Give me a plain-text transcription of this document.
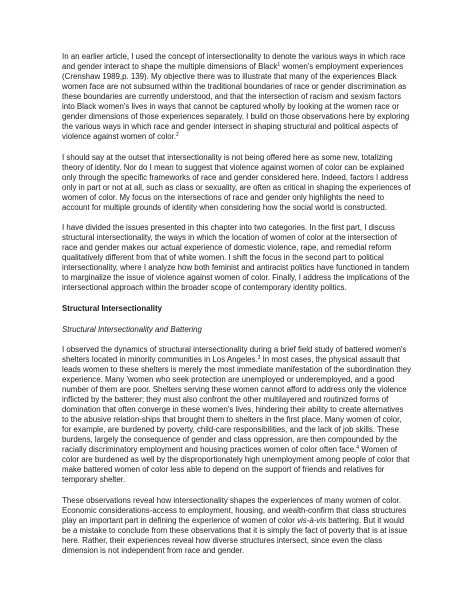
In an earlier article, I used the concept of intersectionality to denote the various ways in which race and gender interact to shape the multiple dimensions of Black$^1$ women's employment experiences (Crenshaw 1989,p. 139). My objective there was to illustrate that many of the experiences Black women face are not subsumed within the traditional boundaries of race or gender discrimination as these boundaries are currently understood, and that the intersection of racism and sexism factors into Black women's lives in ways that cannot be captured wholly by looking at the women race or gender dimensions of those experiences separately. I build on those observations here by exploring the various ways in which race and gender intersect in shaping structural and political aspects of violence against women of color.$^2$

I should say at the outset that intersectionality is not being offered here as some new, totalizing theory of identity. Nor do I mean to suggest that violence against women of color can be explained only through the specific frameworks of race and gender considered here. Indeed, factors I address only in part or not at all, such as class or sexuality, are often as critical in shaping the experiences of women of color. My focus on the intersections of race and gender only highlights the need to account for multiple grounds of identity when considering how the social world is constructed.

I have divided the issues presented in this chapter into two categories. In the first part, I discuss structural intersectionality, the ways in which the location of women of color at the intersection of race and gender makes our actual experience of domestic violence, rape, and remedial reform qualitatively different from that of white women. I shift the focus in the second part to political intersectionality, where I analyze how both feminist and antiracist politics have functioned in tandem to marginalize the issue of violence against women of color. Finally, I address the implications of the intersectional approach within the broader scope of contemporary identity politics.

Structural Intersectionality

Structural Intersectionality and Battering

I observed the dynamics of structural intersectionality during a brief field study of battered women's shelters located in minority communities in Los Angeles.$^3$ In most cases, the physical assault that leads women to these shelters is merely the most immediate manifestation of the subordination they experience. Many 'women who seek protection are unemployed or underemployed, and a good number of them are poor. Shelters serving these women cannot afford to address only the violence inflicted by the batterer; they must also confront the other multilayered and routinized forms of domination that often converge in these women's lives, hindering their ability to create alternatives to the abusive relation-ships that brought them to shelters in the first place. Many women of color, for example, are burdened by poverty, child-care responsibilities, and the lack of job skills. These burdens, largely the consequence of gender and class oppression, are then compounded by the racially discriminatory employment and housing practices women of color often face.$^4$ Women of color are burdened as well by the disproportionately high unemployment among people of color that make battered women of color less able to depend on the support of friends and relatives for temporary shelter.

These observations reveal how intersectionality shapes the experiences of many women of color. Economic considerations-access to employment, housing, and wealth-confirm that class structures play an important part in defining the experience of women of color vis-à-vis battering. But it would be a mistake to conclude from these observations that it is simply the fact of poverty that is at issue here. Rather, their experiences reveal how diverse structures intersect, since even the class dimension is not independent from race and gender.
